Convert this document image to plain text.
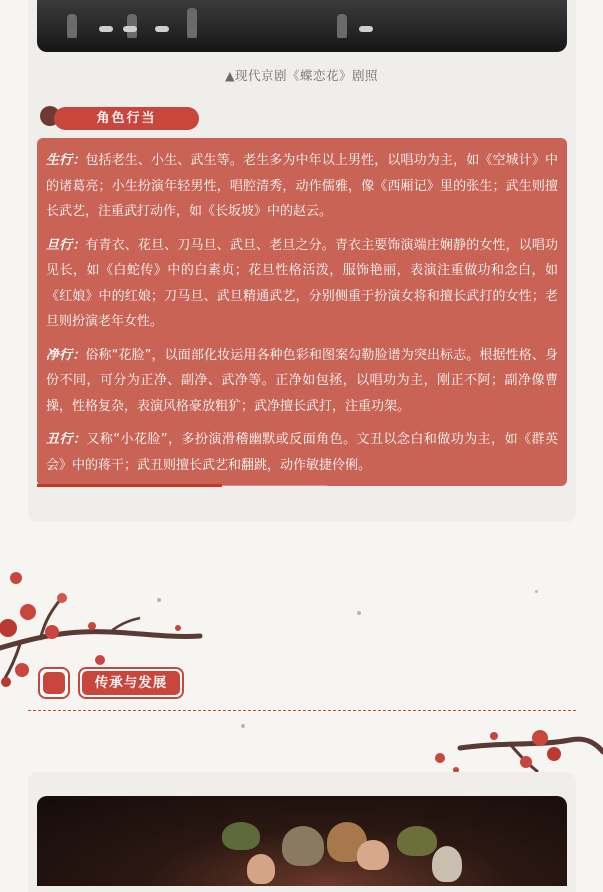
▲现代京剧《蝶恋花》剧照
角色行当

生行：包括老生、小生、武生等。老生多为中年以上男性，以唱功为主，如《空城计》中的诸葛亮；小生扮演年轻男性，唱腔清秀，动作儒雅，像《西厢记》里的张生；武生则擅长武艺，注重武打动作，如《长坂坡》中的赵云。

旦行：有青衣、花旦、刀马旦、武旦、老旦之分。青衣主要饰演端庄娴静的女性，以唱功见长，如《白蛇传》中的白素贞；花旦性格活泼，服饰艳丽，表演注重做功和念白，如《红娘》中的红娘；刀马旦、武旦精通武艺，分别侧重于扮演女将和擅长武打的女性；老旦则扮演老年女性。

净行：俗称“花脸”，以面部化妆运用各种色彩和图案勾勒脸谱为突出标志。根据性格、身份不同，可分为正净、副净、武净等。正净如包拯，以唱功为主，刚正不阿；副净像曹操，性格复杂，表演风格豪放粗犷；武净擅长武打，注重功架。

丑行：又称“小花脸”，多扮演滑稽幽默或反面角色。文丑以念白和做功为主，如《群英会》中的蒋干；武丑则擅长武艺和翻跳，动作敏捷伶俐。

传承与发展
